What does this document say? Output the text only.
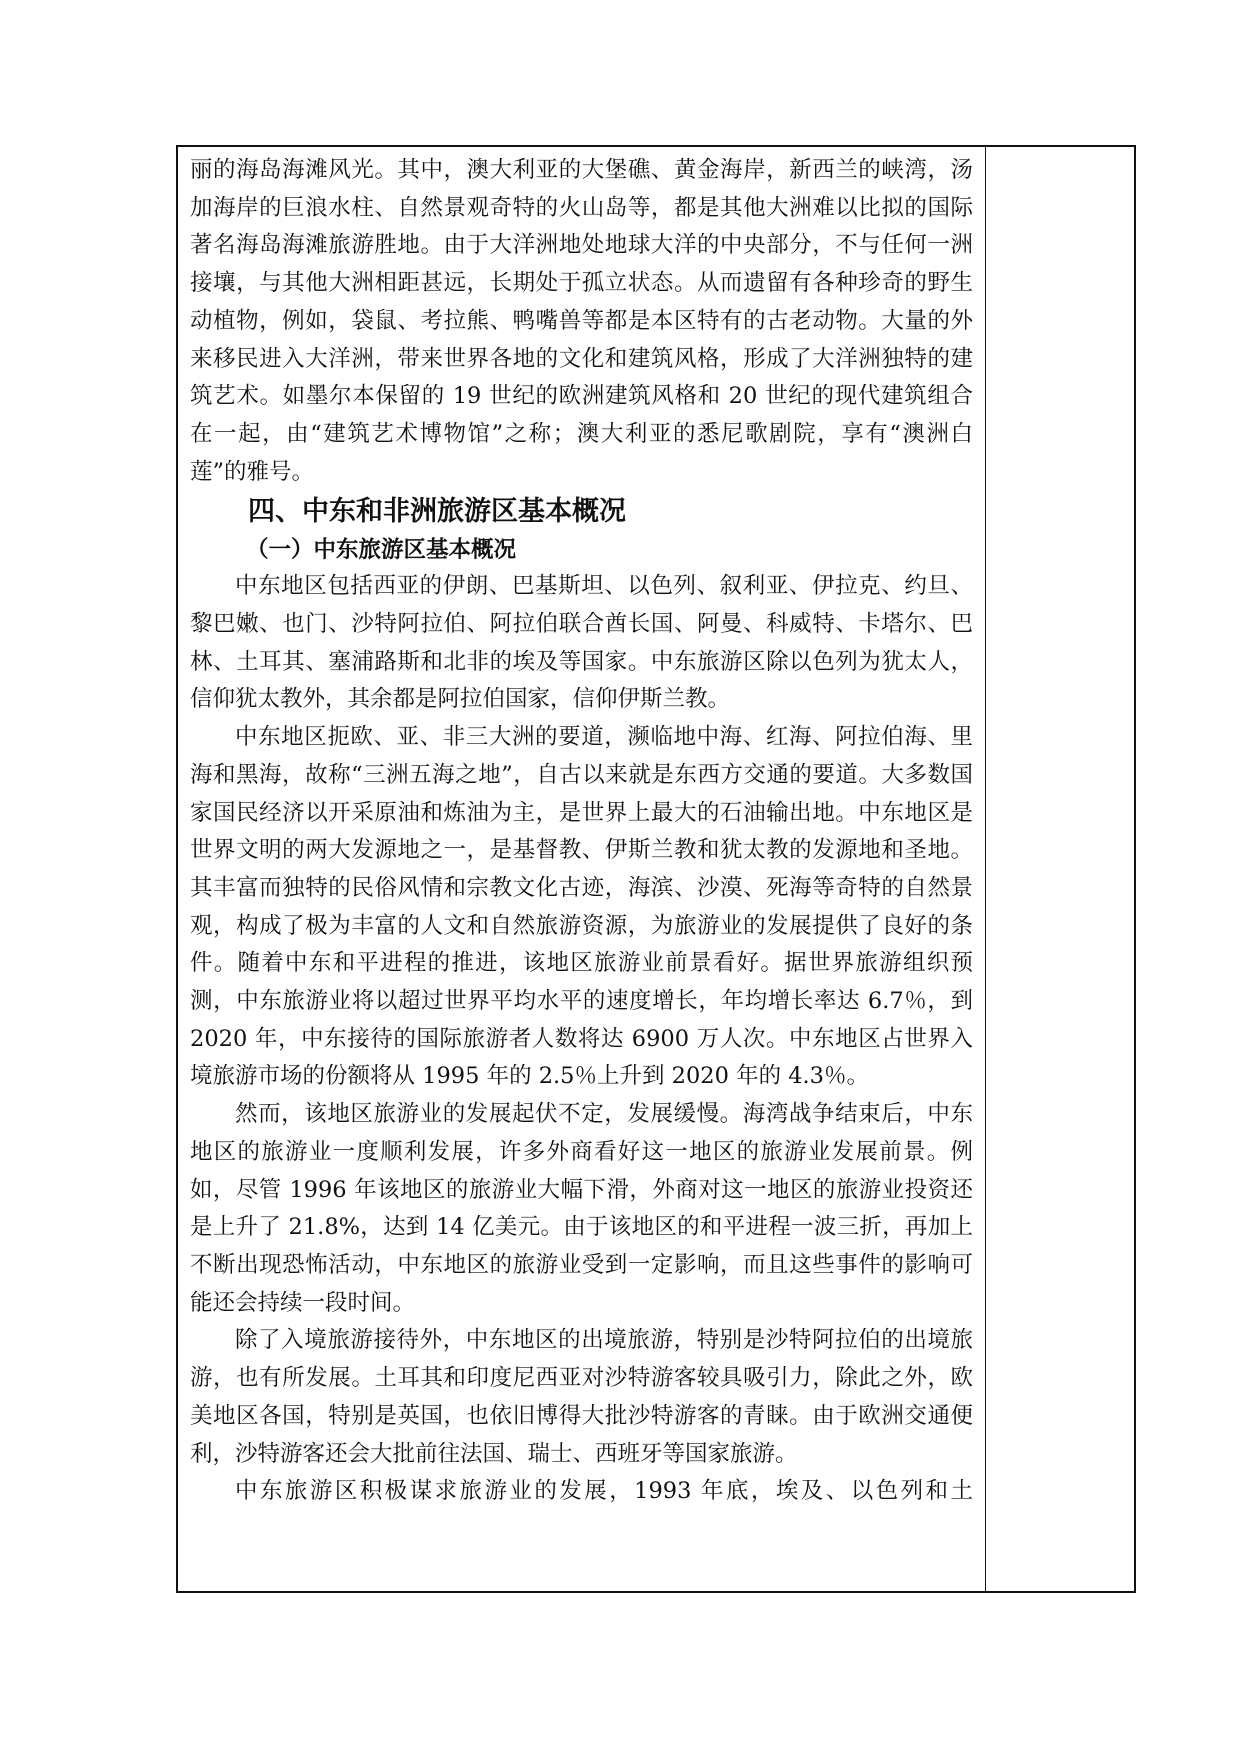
丽的海岛海滩风光。其中，澳大利亚的大堡礁、黄金海岸，新西兰的峡湾，汤加海岸的巨浪水柱、自然景观奇特的火山岛等，都是其他大洲难以比拟的国际著名海岛海滩旅游胜地。由于大洋洲地处地球大洋的中央部分，不与任何一洲接壤，与其他大洲相距甚远，长期处于孤立状态。从而遗留有各种珍奇的野生动植物，例如，袋鼠、考拉熊、鸭嘴兽等都是本区特有的古老动物。大量的外来移民进入大洋洲，带来世界各地的文化和建筑风格，形成了大洋洲独特的建筑艺术。如墨尔本保留的 19 世纪的欧洲建筑风格和 20 世纪的现代建筑组合在一起，由“建筑艺术博物馆”之称；澳大利亚的悉尼歌剧院，享有“澳洲白莲”的雅号。

四、中东和非洲旅游区基本概况
（一）中东旅游区基本概况

中东地区包括西亚的伊朗、巴基斯坦、以色列、叙利亚、伊拉克、约旦、黎巴嫩、也门、沙特阿拉伯、阿拉伯联合酋长国、阿曼、科威特、卡塔尔、巴林、土耳其、塞浦路斯和北非的埃及等国家。中东旅游区除以色列为犹太人，信仰犹太教外，其余都是阿拉伯国家，信仰伊斯兰教。

中东地区扼欧、亚、非三大洲的要道，濒临地中海、红海、阿拉伯海、里海和黑海，故称“三洲五海之地”，自古以来就是东西方交通的要道。大多数国家国民经济以开采原油和炼油为主，是世界上最大的石油输出地。中东地区是世界文明的两大发源地之一，是基督教、伊斯兰教和犹太教的发源地和圣地。其丰富而独特的民俗风情和宗教文化古迹，海滨、沙漠、死海等奇特的自然景观，构成了极为丰富的人文和自然旅游资源，为旅游业的发展提供了良好的条件。随着中东和平进程的推进，该地区旅游业前景看好。据世界旅游组织预测，中东旅游业将以超过世界平均水平的速度增长，年均增长率达 6.7％，到 2020 年，中东接待的国际旅游者人数将达 6900 万人次。中东地区占世界入境旅游市场的份额将从 1995 年的 2.5％上升到 2020 年的 4.3％。

然而，该地区旅游业的发展起伏不定，发展缓慢。海湾战争结束后，中东地区的旅游业一度顺利发展，许多外商看好这一地区的旅游业发展前景。例如，尽管 1996 年该地区的旅游业大幅下滑，外商对这一地区的旅游业投资还是上升了 21.8%，达到 14 亿美元。由于该地区的和平进程一波三折，再加上不断出现恐怖活动，中东地区的旅游业受到一定影响，而且这些事件的影响可能还会持续一段时间。

除了入境旅游接待外，中东地区的出境旅游，特别是沙特阿拉伯的出境旅游，也有所发展。土耳其和印度尼西亚对沙特游客较具吸引力，除此之外，欧美地区各国，特别是英国，也依旧博得大批沙特游客的青睐。由于欧洲交通便利，沙特游客还会大批前往法国、瑞士、西班牙等国家旅游。

中东旅游区积极谋求旅游业的发展，1993 年底，埃及、以色列和土
